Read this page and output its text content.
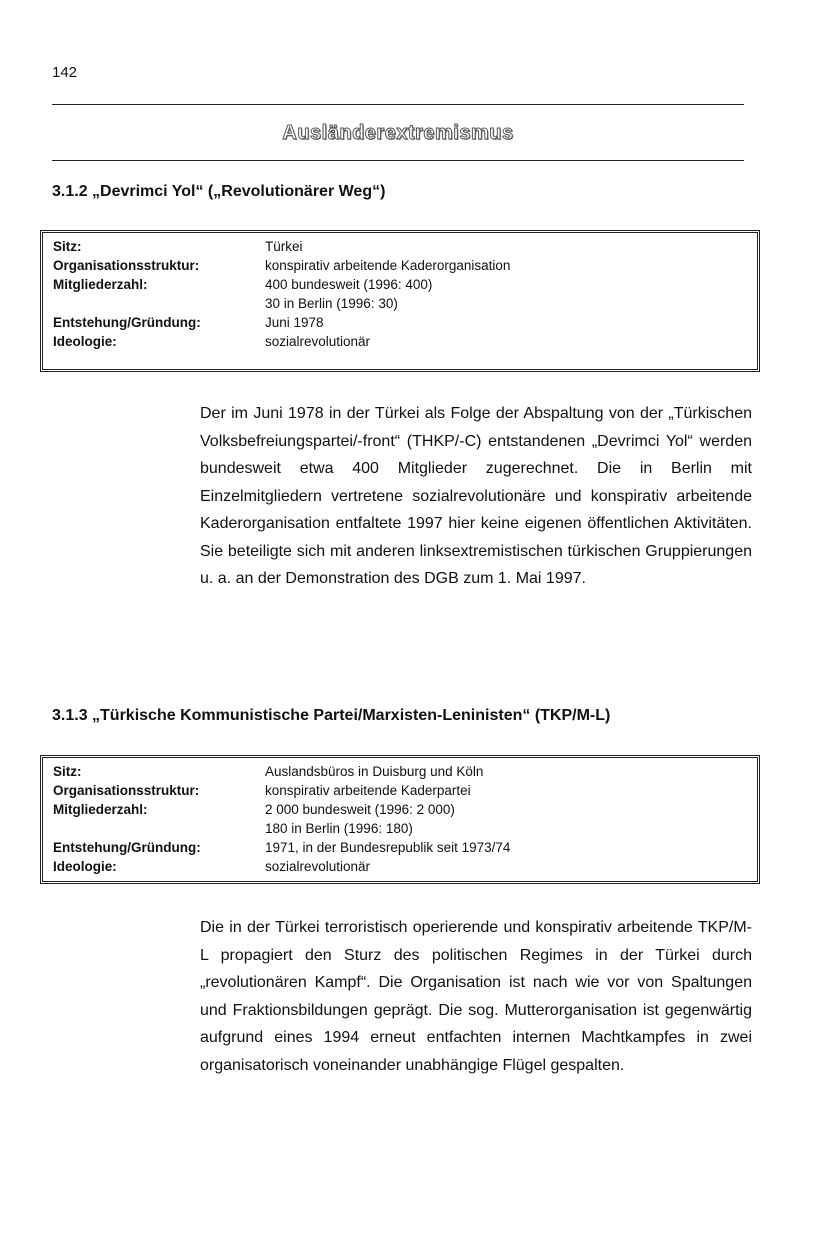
142
Ausländerextremismus
3.1.2 „Devrimci Yol“ („Revolutionärer Weg“)
Sitz:	Türkei
Organisationsstruktur:	konspirativ arbeitende Kaderorganisation
Mitgliederzahl:	400 bundesweit (1996: 400)
30 in Berlin (1996: 30)
Entstehung/Gründung:	Juni 1978
Ideologie:	sozialrevolutionär

Der im Juni 1978 in der Türkei als Folge der Abspaltung von der „Türkischen Volksbefreiungspartei/-front“ (THKP/-C) entstandenen „Devrimci Yol“ werden bundesweit etwa 400 Mitglieder zugerechnet. Die in Berlin mit Einzelmitgliedern vertretene sozialrevolutionäre und konspirativ arbeitende Kaderorganisation entfaltete 1997 hier keine eigenen öffentlichen Aktivitäten. Sie beteiligte sich mit anderen linksextremistischen türkischen Gruppierungen u. a. an der Demonstration des DGB zum 1. Mai 1997.

3.1.3 „Türkische Kommunistische Partei/Marxisten-Leninisten“ (TKP/M-L)
Sitz:	Auslandsbüros in Duisburg und Köln
Organisationsstruktur:	konspirativ arbeitende Kaderpartei
Mitgliederzahl:	2 000 bundesweit (1996: 2 000)
180 in Berlin (1996: 180)
Entstehung/Gründung:	1971, in der Bundesrepublik seit 1973/74
Ideologie:	sozialrevolutionär

Die in der Türkei terroristisch operierende und konspirativ arbeitende TKP/M-L propagiert den Sturz des politischen Regimes in der Türkei durch „revolutionären Kampf“. Die Organisation ist nach wie vor von Spaltungen und Fraktionsbildungen geprägt. Die sog. Mutterorganisation ist gegenwärtig aufgrund eines 1994 erneut entfachten internen Machtkampfes in zwei organisatorisch voneinander unabhängige Flügel gespalten.
